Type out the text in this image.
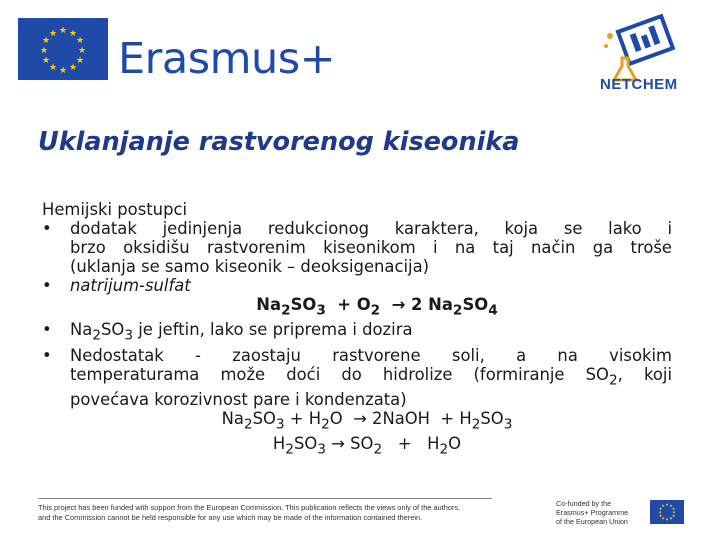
★ ★
★
★
★
★
★
★
★
★
★
★ Erasmus+
NETCHEM
Uklanjanje rastvorenog kiseonika
Hemijski postupci
•	dodatak jedinjenja redukcionog karaktera, koja se lako i
brzo oksidišu rastvorenim kiseonikom i na taj način ga troše
(uklanja se samo kiseonik – deoksigenacija)
•	natrijum-sulfat
$Na_2SO_3 + O_2 \to 2$ $Na_2SO_4$
•	$Na_2SO_3$ je jeftin, lako se priprema i dozira
•	Nedostatak - zaostaju rastvorene soli, a na visokim
temperaturama može doći do hidrolize (formiranje $SO_2$, koji
povećava korozivnost pare i kondenzata)
$Na_2SO_3 + H_2O$  → 2NaOH  + $H_2SO_3$
$H_2SO_3 \to SO_2 + H_2O$
This project has been funded with support from the European Commission. This publication reflects the views only of the authors,
and the Commission cannot be held responsible for any use which may be made of the information contained therein.
Co-funded by the
Erasmus+ Programme
of the European Union
★ ★
★
★
★
★
★
★
★
★
★
★
